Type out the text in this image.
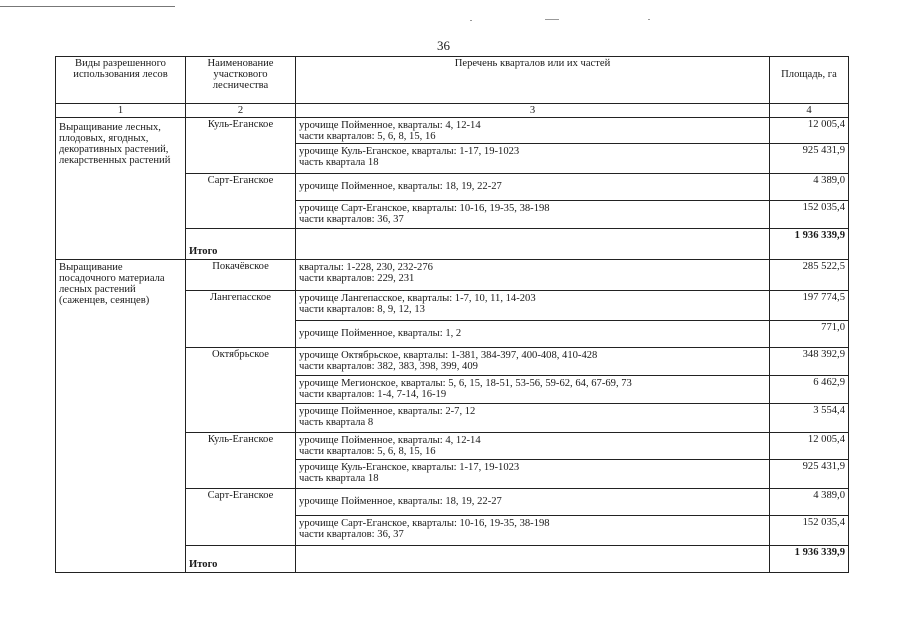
36
Виды разрешенного использования лесов	Наименование участкового лесничества	Перечень кварталов или их частей	Площадь, га
1	2	3	4
Выращивание лесных, плодовых, ягодных, декоративных растений, лекарственных растений	Куль-Еганское	урочище Пойменное, кварталы: 4, 12-14
части кварталов: 5, 6, 8, 15, 16	12 005,4

		урочище Куль-Еганское, кварталы: 1-17, 19-1023
часть квартала 18	925 431,9
	Сарт-Еганское	урочище Пойменное, кварталы: 18, 19, 22-27	4 389,0

		урочище Сарт-Еганское, кварталы: 10-16, 19-35, 38-198
части кварталов: 36, 37	152 035,4
	Итого		1 936 339,9
Выращивание посадочного материала лесных растений (саженцев, сеянцев)	Покачёвское	кварталы: 1-228, 230, 232-276
части кварталов: 229, 231	285 522,5
	Лангепасское	урочище Лангепасское, кварталы: 1-7, 10, 11, 14-203
части кварталов: 8, 9, 12, 13	197 774,5

		урочище Пойменное, кварталы: 1, 2	771,0
	Октябрьское	урочище Октябрьское, кварталы: 1-381, 384-397, 400-408, 410-428
части кварталов: 382, 383, 398, 399, 409	348 392,9

		урочище Мегионское, кварталы: 5, 6, 15, 18-51, 53-56, 59-62, 64, 67-69, 73
части кварталов: 1-4, 7-14, 16-19	6 462,9

		урочище Пойменное, кварталы: 2-7, 12
часть квартала 8	3 554,4
	Куль-Еганское	урочище Пойменное, кварталы: 4, 12-14
части кварталов: 5, 6, 8, 15, 16	12 005,4

		урочище Куль-Еганское, кварталы: 1-17, 19-1023
часть квартала 18	925 431,9
	Сарт-Еганское	урочище Пойменное, кварталы: 18, 19, 22-27	4 389,0

		урочище Сарт-Еганское, кварталы: 10-16, 19-35, 38-198
части кварталов: 36, 37	152 035,4
	Итого		1 936 339,9
